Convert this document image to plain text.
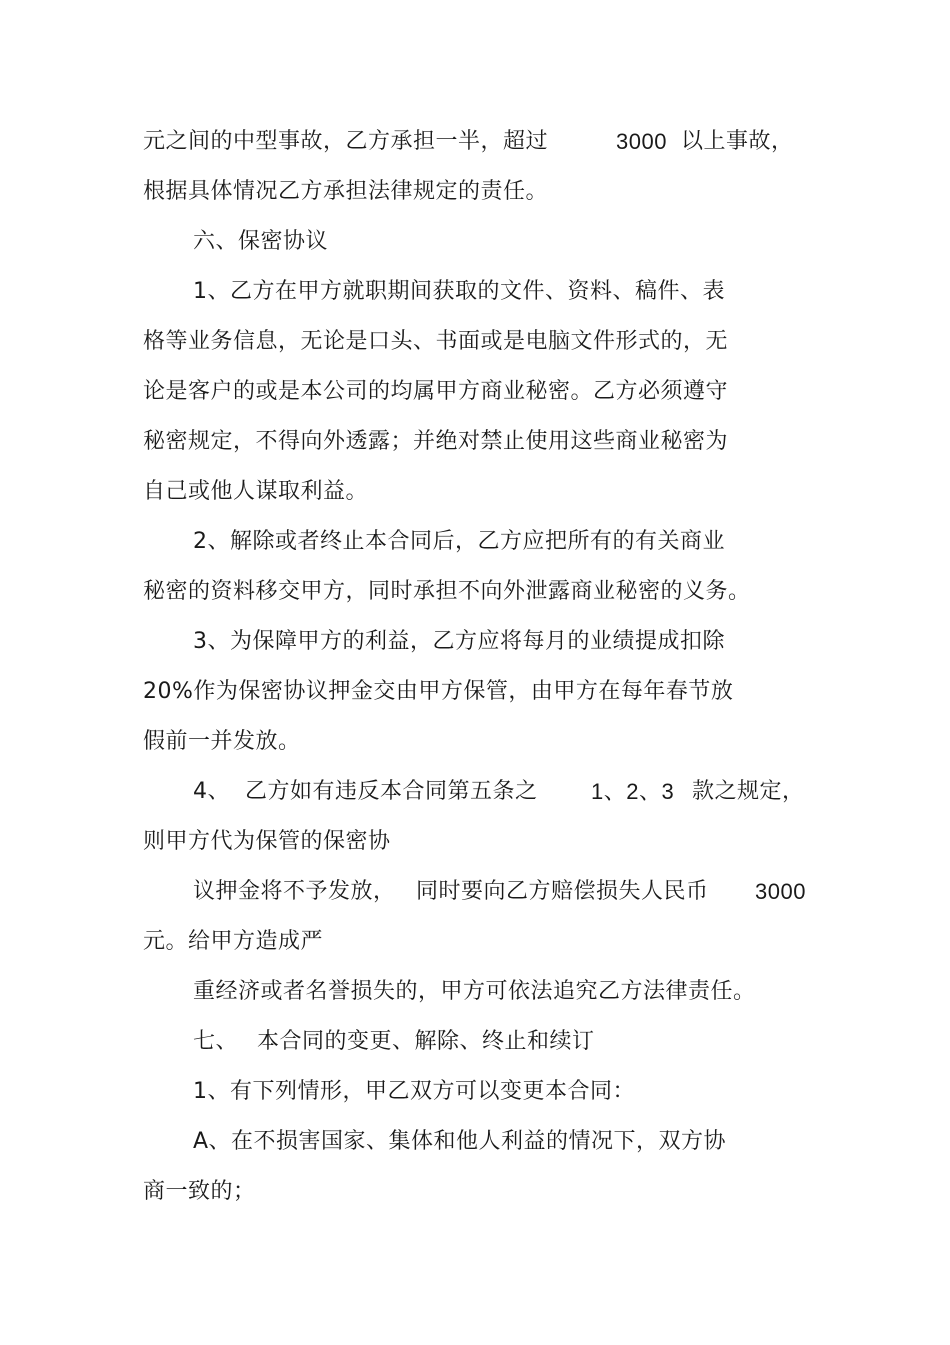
元之间的中型事故，乙方承担一半，超过	3000 以上事故，
根据具体情况乙方承担法律规定的责任。
六、保密协议
1、乙方在甲方就职期间获取的文件、资料、稿件、表
格等业务信息，无论是口头、书面或是电脑文件形式的，无
论是客户的或是本公司的均属甲方商业秘密。乙方必须遵守
秘密规定，不得向外透露；并绝对禁止使用这些商业秘密为
自己或他人谋取利益。
2、解除或者终止本合同后，乙方应把所有的有关商业
秘密的资料移交甲方，同时承担不向外泄露商业秘密的义务。
3、为保障甲方的利益，乙方应将每月的业绩提成扣除
20%作为保密协议押金交由甲方保管，由甲方在每年春节放
假前一并发放。
4、 乙方如有违反本合同第五条之 1、2、3 款之规定，
则甲方代为保管的保密协
议押金将不予发放， 同时要向乙方赔偿损失人民币 3000
元。给甲方造成严
重经济或者名誉损失的，甲方可依法追究乙方法律责任。
七、 本合同的变更、解除、终止和续订
1、有下列情形，甲乙双方可以变更本合同：
A、在不损害国家、集体和他人利益的情况下，双方协
商一致的；
